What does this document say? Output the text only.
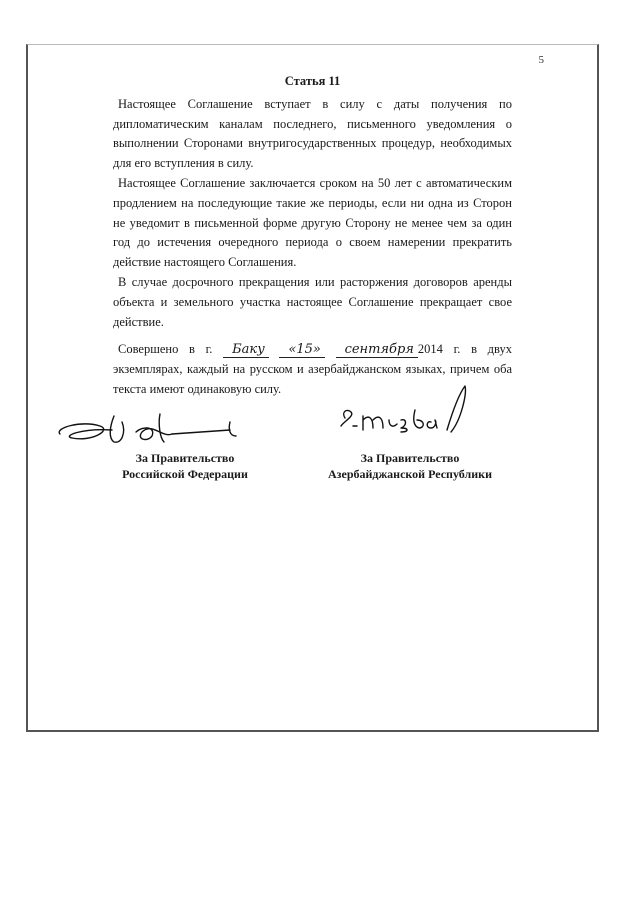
5
Статья 11

Настоящее Соглашение вступает в силу с даты получения по дипломатическим каналам последнего, письменного уведомления о выполнении Сторонами внутригосударственных процедур, необходимых для его вступления в силу.

Настоящее Соглашение заключается сроком на 50 лет с автоматическим продлением на последующие такие же периоды, если ни одна из Сторон не уведомит в письменной форме другую Сторону не менее чем за один год до истечения очередного периода о своем намерении прекратить действие настоящего Соглашения.

В случае досрочного прекращения или расторжения договоров аренды объекта и земельного участка настоящее Соглашение прекращает свое действие.

Совершено в г. Баку «15» сентября 2014 г. в двух экземплярах, каждый на русском и азербайджанском языках, причем оба текста имеют одинаковую силу.

За Правительство
Российской Федерации
За Правительство
Азербайджанской Республики
